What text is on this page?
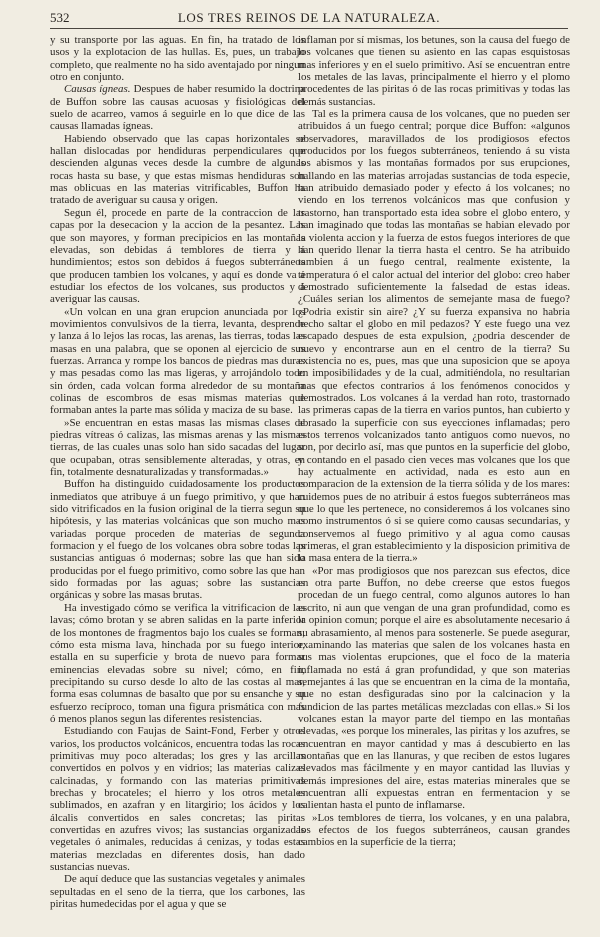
532	LOS TRES REINOS DE LA NATURALEZA.

y su transporte por las aguas. En fin, ha tratado de los usos y la explotacion de las hullas. Es, pues, un trabajo completo, que realmente no ha sido aventajado por ningun otro en conjunto.

Causas ígneas. Despues de haber resumido la doctrina de Buffon sobre las causas acuosas y fisiológicas del suelo de acarreo, vamos á seguirle en lo que dice de las causas llamadas ígneas.

Habiendo observado que las capas horizontales se hallan dislocadas por hendiduras perpendiculares que descienden algunas veces desde la cumbre de algunas rocas hasta su base, y que estas mismas hendiduras son mas oblicuas en las materias vitrificables, Buffon ha tratado de averiguar su causa y origen.

Segun él, procede en parte de la contraccion de las capas por la desecacion y la accion de la pesantez. Las que son mayores, y forman precipicios en las montañas elevadas, son debidas á temblores de tierra y á hundimientos; estos son debidos á fuegos subterráneos que producen tambien los volcanes, y aquí es donde va á estudiar los efectos de los volcanes, sus productos y á averiguar las causas.

«Un volcan en una gran erupcion anunciada por los movimientos convulsivos de la tierra, levanta, desprende y lanza á lo lejos las rocas, las arenas, las tierras, todas las masas en una palabra, que se oponen al ejercicio de sus fuerzas. Arranca y rompe los bancos de piedras mas duras y mas pesadas como las mas ligeras, y arrojándolo todo sin órden, cada volcan forma alrededor de su montaña colinas de escombros de esas mismas materias que formaban antes la parte mas sólida y maciza de su base.

»Se encuentran en estas masas las mismas clases de piedras vítreas ó calizas, las mismas arenas y las mismas tierras, de las cuales unas solo han sido sacadas del lugar que ocupaban, otras sensiblemente alteradas, y otras, en fin, totalmente desnaturalizadas y transformadas.»

Buffon ha distinguido cuidadosamente los productos inmediatos que atribuye á un fuego primitivo, y que han sido vitrificados en la fusion original de la tierra segun su hipótesis, y las materias volcánicas que son mucho mas variadas porque proceden de materias de segunda formacion y el fuego de los volcanes obra sobre todas las sustancias antiguas ó modernas; sobre las que han sido producidas por el fuego primitivo, como sobre las que han sido formadas por las aguas; sobre las sustancias orgánicas y sobre las masas brutas.

Ha investigado cómo se verifica la vitrificacion de las lavas; cómo brotan y se abren salidas en la parte inferior de los montones de fragmentos bajo los cuales se forman; cómo esta misma lava, hinchada por su fuego interior, estalla en su superficie y brota de nuevo para formar eminencias elevadas sobre su nivel; cómo, en fin, precipitando su curso desde lo alto de las costas al mar, forma esas columnas de basalto que por su ensanche y su esfuerzo recíproco, toman una figura prismática con mas ó menos planos segun las diferentes resistencias.

Estudiando con Faujas de Saint-Fond, Ferber y otros varios, los productos volcánicos, encuentra todas las rocas primitivas muy poco alteradas; los gres y las arcillas convertidos en polvos y en vidrios; las materias calizas calcinadas, y formando con las materias primitivas brechas y brocateles; el hierro y los otros metales sublimados, en azafran y en litargirio; los ácidos y los álcalis convertidos en sales concretas; las piritas convertidas en azufres vivos; las sustancias organizadas vegetales ó animales, reducidas á cenizas, y todas estas materias mezcladas en diferentes dosis, han dado sustancias nuevas.

De aquí deduce que las sustancias vegetales y animales sepultadas en el seno de la tierra, que los carbones, las piritas humedecidas por el agua y que se

inflaman por sí mismas, los betunes, son la causa del fuego de los volcanes que tienen su asiento en las capas esquistosas mas inferiores y en el suelo primitivo. Así se encuentran entre los metales de las lavas, principalmente el hierro y el plomo procedentes de las piritas ó de las rocas primitivas y todas las demás sustancias.

Tal es la primera causa de los volcanes, que no pueden ser atribuidos á un fuego central; porque dice Buffon: «algunos observadores, maravillados de los prodigiosos efectos producidos por los fuegos subterráneos, teniendo á su vista los abismos y las montañas formados por sus erupciones, hallando en las materias arrojadas sustancias de toda especie, han atribuido demasiado poder y efecto á los volcanes; no viendo en los terrenos volcánicos mas que confusion y trastorno, han transportado esta idea sobre el globo entero, y han imaginado que todas las montañas se habian elevado por la violenta accion y la fuerza de estos fuegos interiores de que han querido llenar la tierra hasta el centro. Se ha atribuido tambien á un fuego central, realmente existente, la temperatura ó el calor actual del interior del globo: creo haber demostrado suficientemente la falsedad de estas ideas. ¿Cuáles serian los alimentos de semejante masa de fuego? ¿Podria existir sin aire? ¿Y su fuerza expansiva no habria hecho saltar el globo en mil pedazos? Y este fuego una vez escapado despues de esta expulsion, ¿podria descender de nuevo y encontrarse aun en el centro de la tierra? Su existencia no es, pues, mas que una suposicion que se apoya en imposibilidades y de la cual, admitiéndola, no resultarian mas que efectos contrarios á los fenómenos conocidos y demostrados. Los volcanes á la verdad han roto, trastornado las primeras capas de la tierra en varios puntos, han cubierto y abrasado la superficie con sus eyecciones inflamadas; pero estos terrenos volcanizados tanto antiguos como nuevos, no son, por decirlo así, mas que puntos en la superficie del globo, y contando en el pasado cien veces mas volcanes que los que hay actualmente en actividad, nada es esto aun en comparacion de la extension de la tierra sólida y de los mares: cuidemos pues de no atribuir á estos fuegos subterráneos mas que lo que les pertenece, no consideremos á los volcanes sino como instrumentos ó si se quiere como causas secundarias, y conservemos al fuego primitivo y al agua como causas primeras, el gran establecimiento y la disposicion primitiva de la masa entera de la tierra.»

«Por mas prodigiosos que nos parezcan sus efectos, dice en otra parte Buffon, no debe creerse que estos fuegos procedan de un fuego central, como algunos autores lo han escrito, ni aun que vengan de una gran profundidad, como es la opinion comun; porque el aire es absolutamente necesario á su abrasamiento, al menos para sostenerle. Se puede asegurar, examinando las materias que salen de los volcanes hasta en sus mas violentas erupciones, que el foco de la materia inflamada no está á gran profundidad, y que son materias semejantes á las que se encuentran en la cima de la montaña, que no estan desfiguradas sino por la calcinacion y la fundicion de las partes metálicas mezcladas con ellas.» Si los volcanes estan la mayor parte del tiempo en las montañas elevadas, «es porque los minerales, las piritas y los azufres, se encuentran en mayor cantidad y mas á descubierto en las montañas que en las llanuras, y que reciben de estos lugares elevados mas fácilmente y en mayor cantidad las lluvias y demás impresiones del aire, estas materias minerales que se encuentran allí expuestas entran en fermentacion y se calientan hasta el punto de inflamarse.

»Los temblores de tierra, los volcanes, y en una palabra, los efectos de los fuegos subterráneos, causan grandes cambios en la superficie de la tierra;
